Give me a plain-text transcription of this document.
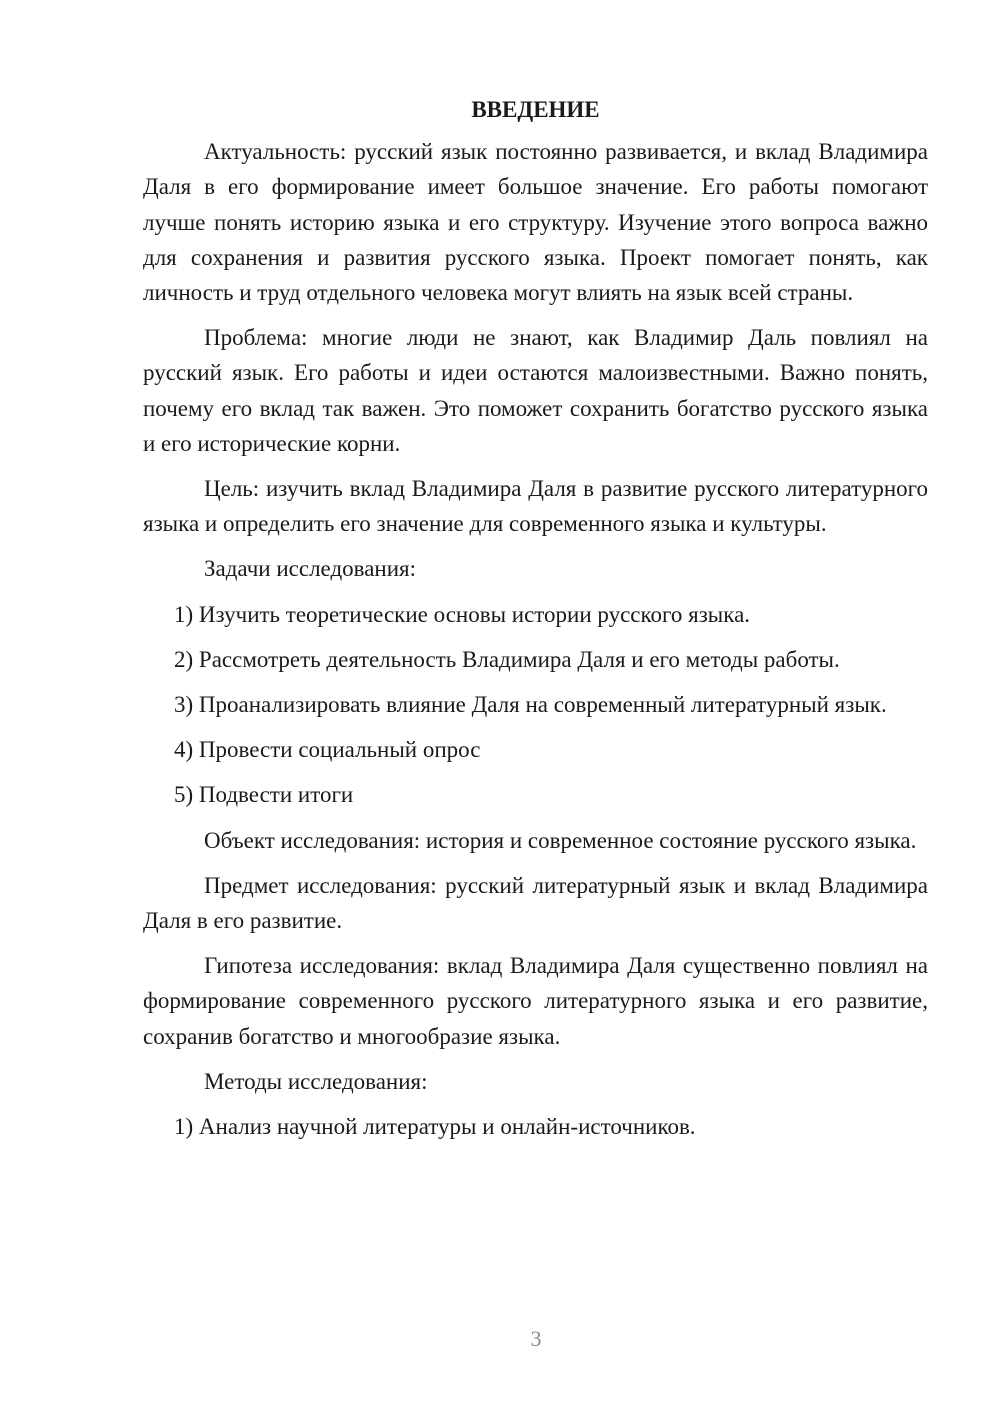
ВВЕДЕНИЕ

Актуальность: русский язык постоянно развивается, и вклад Владимира Даля в его формирование имеет большое значение. Его работы помогают лучше понять историю языка и его структуру. Изучение этого вопроса важно для сохранения и развития русского языка. Проект помогает понять, как личность и труд отдельного человека могут влиять на язык всей страны.

Проблема: многие люди не знают, как Владимир Даль повлиял на русский язык. Его работы и идеи остаются малоизвестными. Важно понять, почему его вклад так важен. Это поможет сохранить богатство русского языка и его исторические корни.

Цель: изучить вклад Владимира Даля в развитие русского литературного языка и определить его значение для современного языка и культуры.

Задачи исследования:

1) Изучить теоретические основы истории русского языка.

2) Рассмотреть деятельность Владимира Даля и его методы работы.

3) Проанализировать влияние Даля на современный литературный язык.

4) Провести социальный опрос

5) Подвести итоги

Объект исследования: история и современное состояние русского языка.

Предмет исследования: русский литературный язык и вклад Владимира Даля в его развитие.

Гипотеза исследования: вклад Владимира Даля существенно повлиял на формирование современного русского литературного языка и его развитие, сохранив богатство и многообразие языка.

Методы исследования:

1) Анализ научной литературы и онлайн-источников.

3
